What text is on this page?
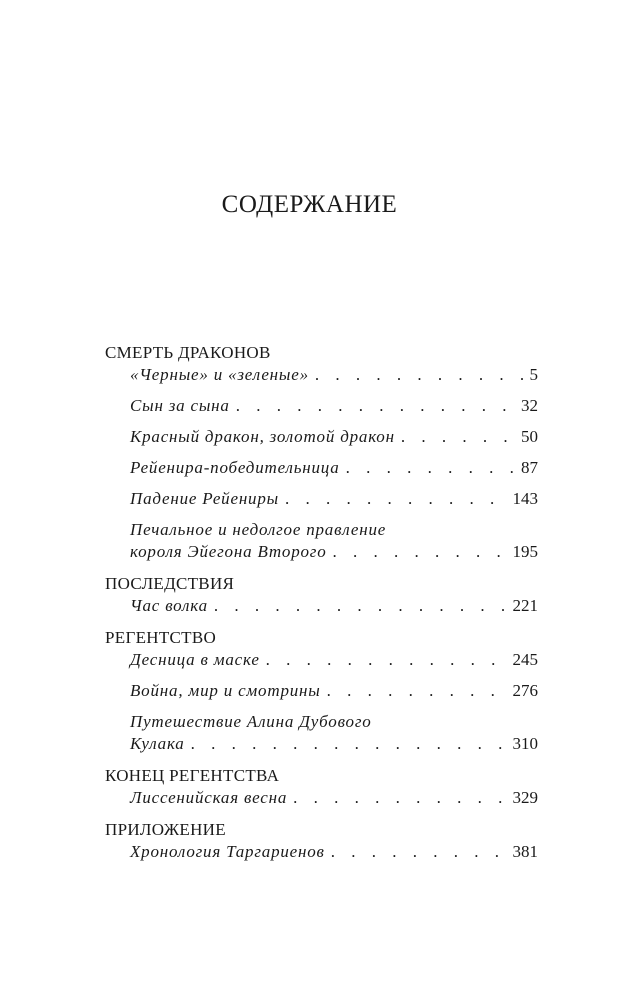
СОДЕРЖАНИЕ
СМЕРТЬ ДРАКОНОВ
«Черные» и «зеленые» . . .	5
Сын за сына . . .	32
Красный дракон, золотой дракон . . .	50
Рейенира-победительница . . .	87
Падение Рейениры . . .	143
Печальное и недолгое правление
короля Эйегона Второго . . .	195
ПОСЛЕДСТВИЯ
Час волка . . .	221
РЕГЕНТСТВО
Десница в маске . . .	245
Война, мир и смотрины . . .	276
Путешествие Алина Дубового
Кулака . . .	310
КОНЕЦ РЕГЕНТСТВА
Лиссенийская весна . . .	329
ПРИЛОЖЕНИЕ
Хронология Таргариенов . . .	381
